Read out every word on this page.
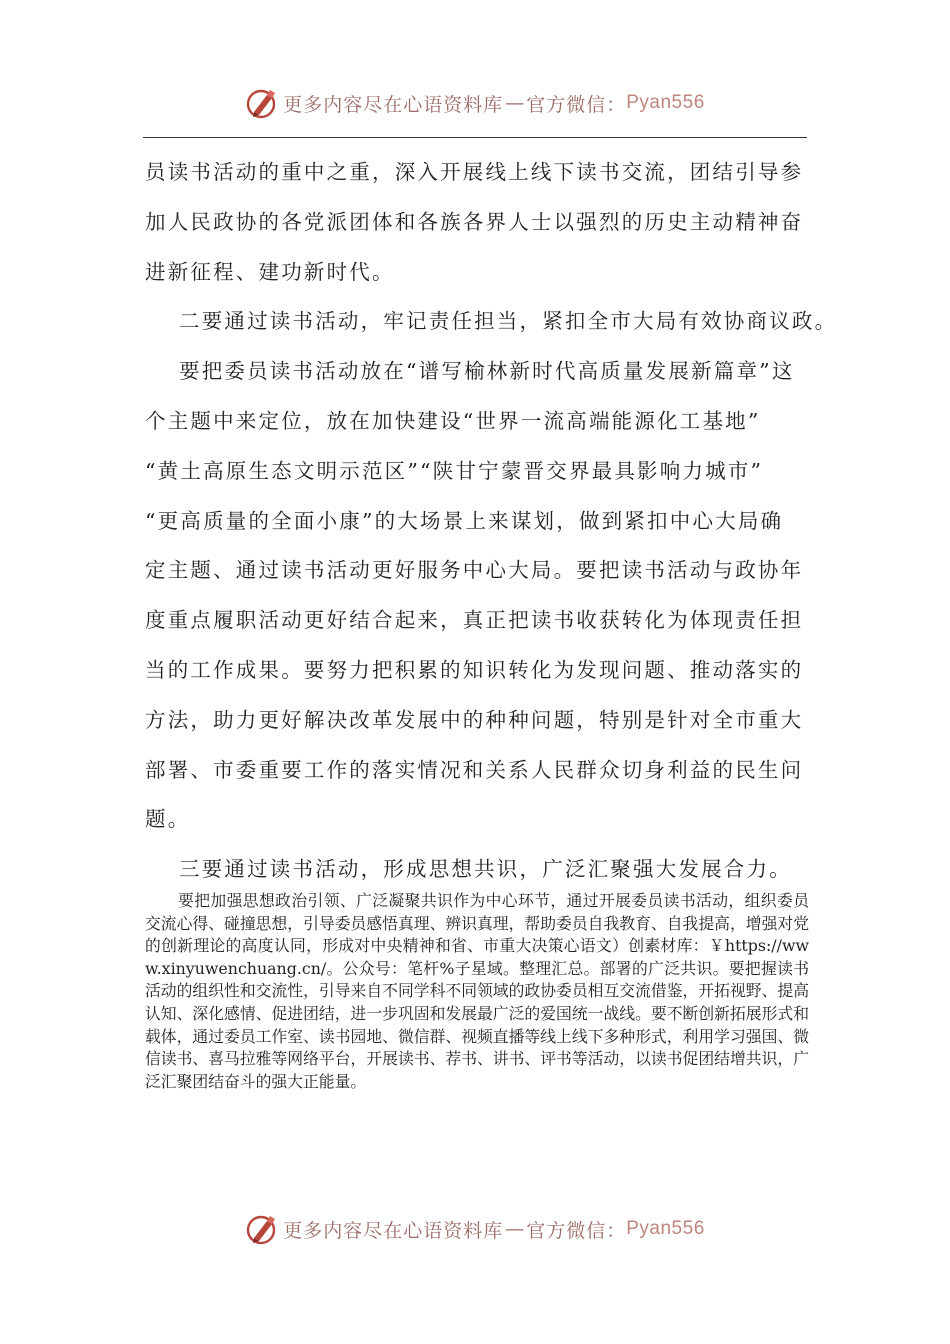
更多内容尽在心语资料库 — 官方微信： Pyan556
员读书活动的重中之重，深入开展线上线下读书交流，团结引导参
加人民政协的各党派团体和各族各界人士以强烈的历史主动精神奋
进新征程、建功新时代。
二要通过读书活动，牢记责任担当，紧扣全市大局有效协商议政。
要把委员读书活动放在“谱写榆林新时代高质量发展新篇章”这
个主题中来定位，放在加快建设“世界一流高端能源化工基地”
“黄土高原生态文明示范区”“陕甘宁蒙晋交界最具影响力城市”
“更高质量的全面小康”的大场景上来谋划，做到紧扣中心大局确
定主题、通过读书活动更好服务中心大局。要把读书活动与政协年
度重点履职活动更好结合起来，真正把读书收获转化为体现责任担
当的工作成果。要努力把积累的知识转化为发现问题、推动落实的
方法，助力更好解决改革发展中的种种问题，特别是针对全市重大
部署、市委重要工作的落实情况和关系人民群众切身利益的民生问
题。
三要通过读书活动，形成思想共识，广泛汇聚强大发展合力。

要把加强思想政治引领、广泛凝聚共识作为中心环节，通过开展委员读书活动，组织委员交流心得、碰撞思想，引导委员感悟真理、辨识真理，帮助委员自我教育、自我提高，增强对党的创新理论的高度认同，形成对中央精神和省、市重大决策心语文）创素材库：￥https://www.xinyuwenchuang.cn/。公众号：笔杆%子星域。整理汇总。部署的广泛共识。要把握读书活动的组织性和交流性，引导来自不同学科不同领域的政协委员相互交流借鉴，开拓视野、提高认知、深化感情、促进团结，进一步巩固和发展最广泛的爱国统一战线。要不断创新拓展形式和载体，通过委员工作室、读书园地、微信群、视频直播等线上线下多种形式，利用学习强国、微信读书、喜马拉雅等网络平台，开展读书、荐书、讲书、评书等活动，以读书促团结增共识，广泛汇聚团结奋斗的强大正能量。

更多内容尽在心语资料库 — 官方微信： Pyan556
